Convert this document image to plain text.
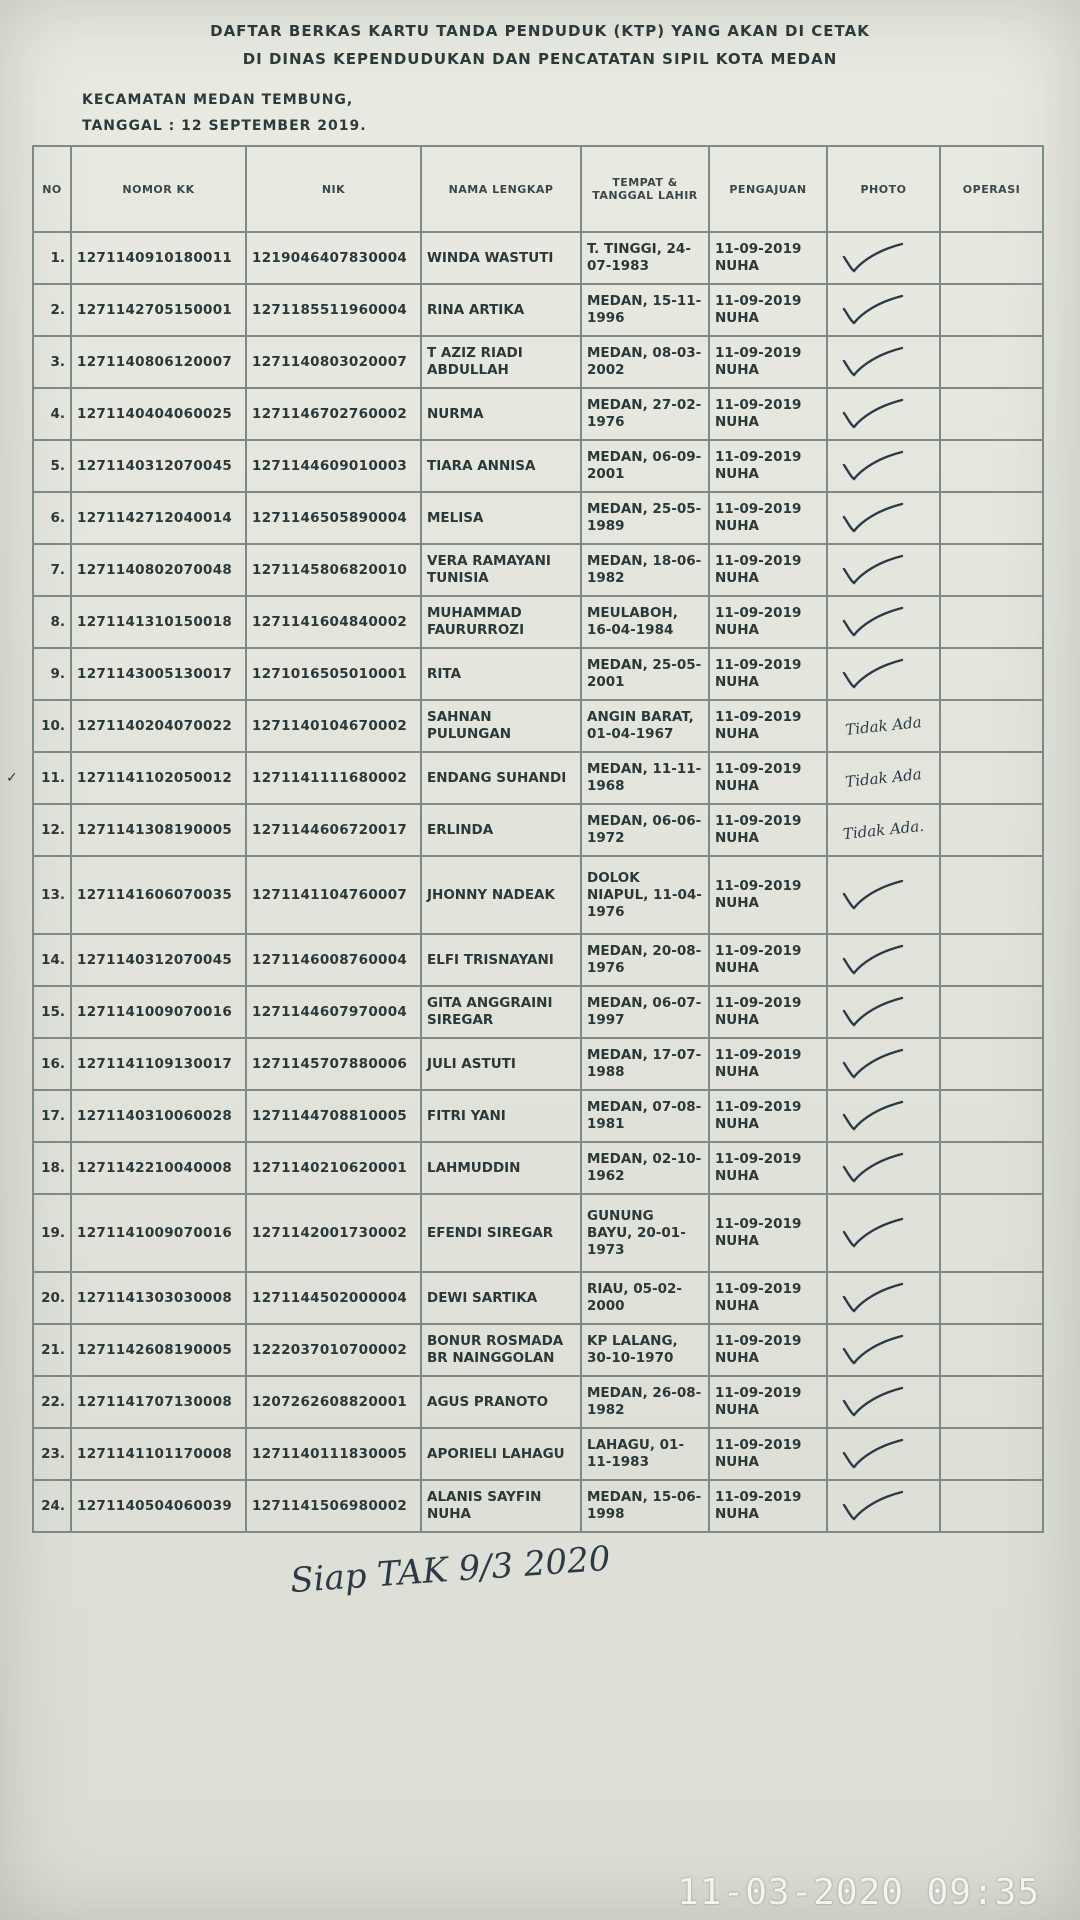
DAFTAR BERKAS KARTU TANDA PENDUDUK (KTP) YANG AKAN DI CETAK
DI DINAS KEPENDUDUKAN DAN PENCATATAN SIPIL KOTA MEDAN
KECAMATAN MEDAN TEMBUNG,
TANGGAL : 12 SEPTEMBER 2019.
✓
NO	NOMOR KK	NIK	NAMA LENGKAP	TEMPAT & TANGGAL LAHIR	PENGAJUAN	PHOTO	OPERASI
1.	1271140910180011	1219046407830004	WINDA WASTUTI	T. TINGGI, 24-07-1983	11-09-2019 NUHA	

2.	1271142705150001	1271185511960004	RINA ARTIKA	MEDAN, 15-11-1996	11-09-2019 NUHA	

3.	1271140806120007	1271140803020007	T AZIZ RIADI ABDULLAH	MEDAN, 08-03-2002	11-09-2019 NUHA	

4.	1271140404060025	1271146702760002	NURMA	MEDAN, 27-02-1976	11-09-2019 NUHA	

5.	1271140312070045	1271144609010003	TIARA ANNISA	MEDAN, 06-09-2001	11-09-2019 NUHA	

6.	1271142712040014	1271146505890004	MELISA	MEDAN, 25-05-1989	11-09-2019 NUHA	

7.	1271140802070048	1271145806820010	VERA RAMAYANI TUNISIA	MEDAN, 18-06-1982	11-09-2019 NUHA	

8.	1271141310150018	1271141604840002	MUHAMMAD FAURURROZI	MEULABOH, 16-04-1984	11-09-2019 NUHA	

9.	1271143005130017	1271016505010001	RITA	MEDAN, 25-05-2001	11-09-2019 NUHA	

10.	1271140204070022	1271140104670002	SAHNAN PULUNGAN	ANGIN BARAT, 01-04-1967	11-09-2019 NUHA	Tidak Ada	

11.	1271141102050012	1271141111680002	ENDANG SUHANDI	MEDAN, 11-11-1968	11-09-2019 NUHA	Tidak Ada	

12.	1271141308190005	1271144606720017	ERLINDA	MEDAN, 06-06-1972	11-09-2019 NUHA	Tidak Ada.	

13.	1271141606070035	1271141104760007	JHONNY NADEAK	DOLOK NIAPUL, 11-04-1976	11-09-2019 NUHA	

14.	1271140312070045	1271146008760004	ELFI TRISNAYANI	MEDAN, 20-08-1976	11-09-2019 NUHA	

15.	1271141009070016	1271144607970004	GITA ANGGRAINI SIREGAR	MEDAN, 06-07-1997	11-09-2019 NUHA	

16.	1271141109130017	1271145707880006	JULI ASTUTI	MEDAN, 17-07-1988	11-09-2019 NUHA	

17.	1271140310060028	1271144708810005	FITRI YANI	MEDAN, 07-08-1981	11-09-2019 NUHA	

18.	1271142210040008	1271140210620001	LAHMUDDIN	MEDAN, 02-10-1962	11-09-2019 NUHA	

19.	1271141009070016	1271142001730002	EFENDI SIREGAR	GUNUNG BAYU, 20-01-1973	11-09-2019 NUHA	

20.	1271141303030008	1271144502000004	DEWI SARTIKA	RIAU, 05-02-2000	11-09-2019 NUHA	

21.	1271142608190005	1222037010700002	BONUR ROSMADA BR NAINGGOLAN	KP LALANG, 30-10-1970	11-09-2019 NUHA	

22.	1271141707130008	1207262608820001	AGUS PRANOTO	MEDAN, 26-08-1982	11-09-2019 NUHA	

23.	1271141101170008	1271140111830005	APORIELI LAHAGU	LAHAGU, 01-11-1983	11-09-2019 NUHA	

24.	1271140504060039	1271141506980002	ALANIS SAYFIN NUHA	MEDAN, 15-06-1998	11-09-2019 NUHA	

Siap TAK 9/3 2020
11-03-2020 09:35
